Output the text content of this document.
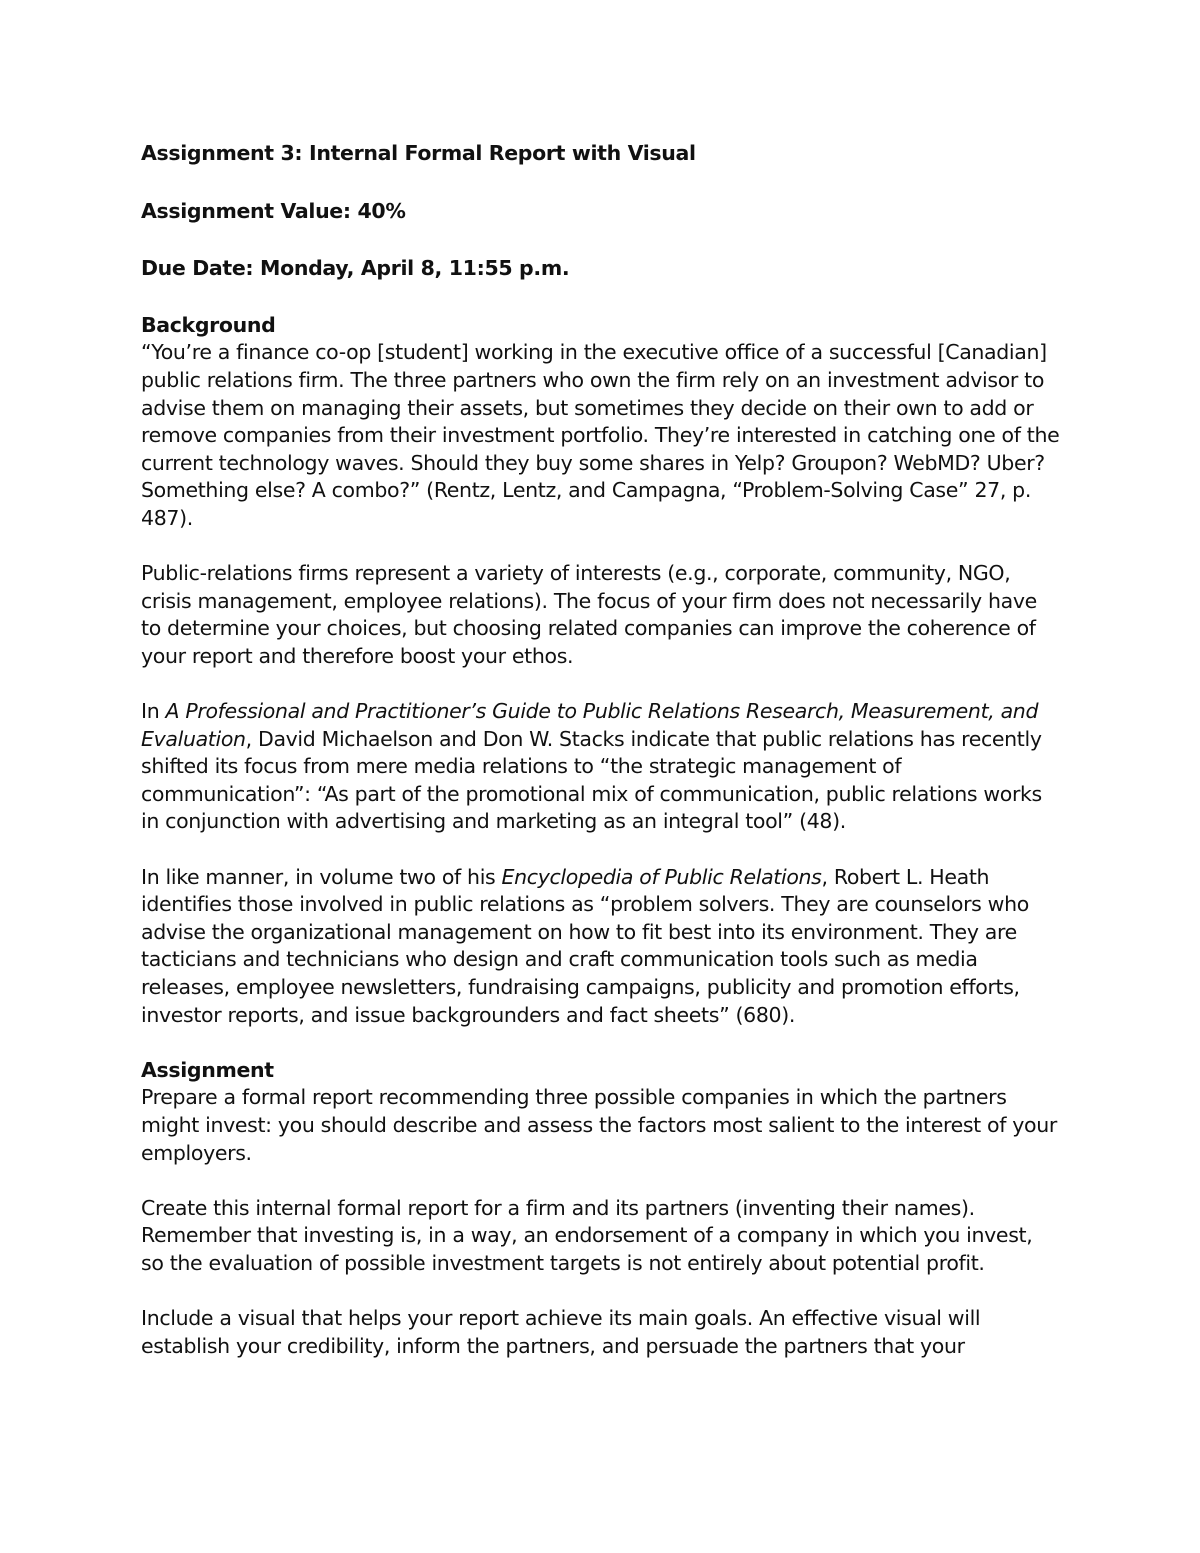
Assignment 3: Internal Formal Report with Visual
Assignment Value: 40%
Due Date: Monday, April 8, 11:55 p.m.
Background

“You’re a finance co-op [student] working in the executive office of a successful [Canadian] public relations firm. The three partners who own the firm rely on an investment advisor to advise them on managing their assets, but sometimes they decide on their own to add or remove companies from their investment portfolio. They’re interested in catching one of the current technology waves. Should they buy some shares in Yelp? Groupon? WebMD? Uber? Something else? A combo?” (Rentz, Lentz, and Campagna, “Problem-Solving Case” 27, p. 487).

Public-relations firms represent a variety of interests (e.g., corporate, community, NGO, crisis management, employee relations). The focus of your firm does not necessarily have to determine your choices, but choosing related companies can improve the coherence of your report and therefore boost your ethos.

In A Professional and Practitioner’s Guide to Public Relations Research, Measurement, and Evaluation, David Michaelson and Don W. Stacks indicate that public relations has recently shifted its focus from mere media relations to “the strategic management of communication”: “As part of the promotional mix of communication, public relations works in conjunction with advertising and marketing as an integral tool” (48).

In like manner, in volume two of his Encyclopedia of Public Relations, Robert L. Heath identifies those involved in public relations as “problem solvers. They are counselors who advise the organizational management on how to fit best into its environment. They are tacticians and technicians who design and craft communication tools such as media releases, employee newsletters, fundraising campaigns, publicity and promotion efforts, investor reports, and issue backgrounders and fact sheets” (680).

Assignment

Prepare a formal report recommending three possible companies in which the partners might invest: you should describe and assess the factors most salient to the interest of your employers.

Create this internal formal report for a firm and its partners (inventing their names). Remember that investing is, in a way, an endorsement of a company in which you invest, so the evaluation of possible investment targets is not entirely about potential profit.

Include a visual that helps your report achieve its main goals. An effective visual will establish your credibility, inform the partners, and persuade the partners that your
